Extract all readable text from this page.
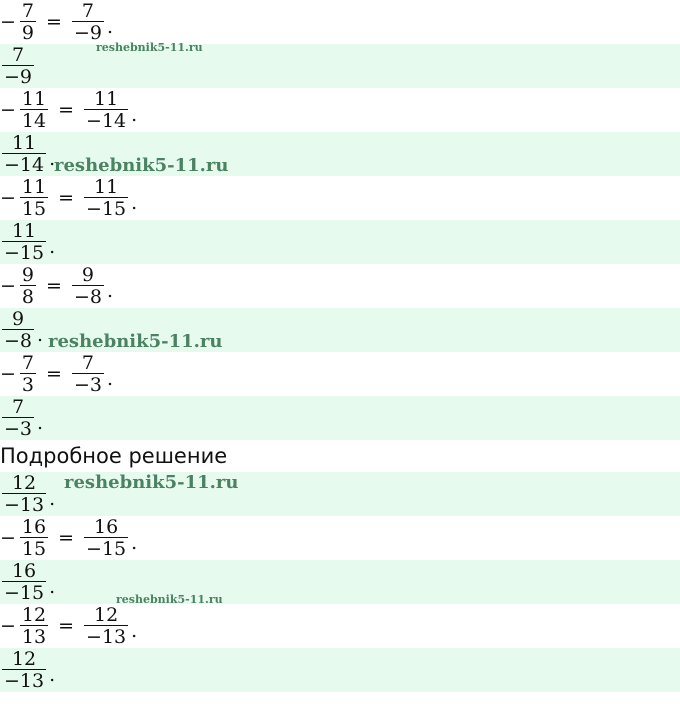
− $\frac{7}{9} = \frac{7}{-9}$ .
$\frac{7}{-9}$
− $\frac{11}{14} = \frac{11}{-14}$ .
$\frac{11}{-14}$ .
− $\frac{11}{15} = \frac{11}{-15}$ .
$\frac{11}{-15}$ .
− $\frac{9}{8} = \frac{9}{-8}$ .
$\frac{9}{-8}$ .
− $\frac{7}{3} = \frac{7}{-3}$ .
$\frac{7}{-3}$ .
Подробное решение
$\frac{12}{-13}$ .
− $\frac{16}{15} = \frac{16}{-15}$ .
$\frac{16}{-15}$ .
− $\frac{12}{13} = \frac{12}{-13}$ .
$\frac{12}{-13}$ .
reshebnik5-11.ru
reshebnik5-11.ru
reshebnik5-11.ru
reshebnik5-11.ru
reshebnik5-11.ru
